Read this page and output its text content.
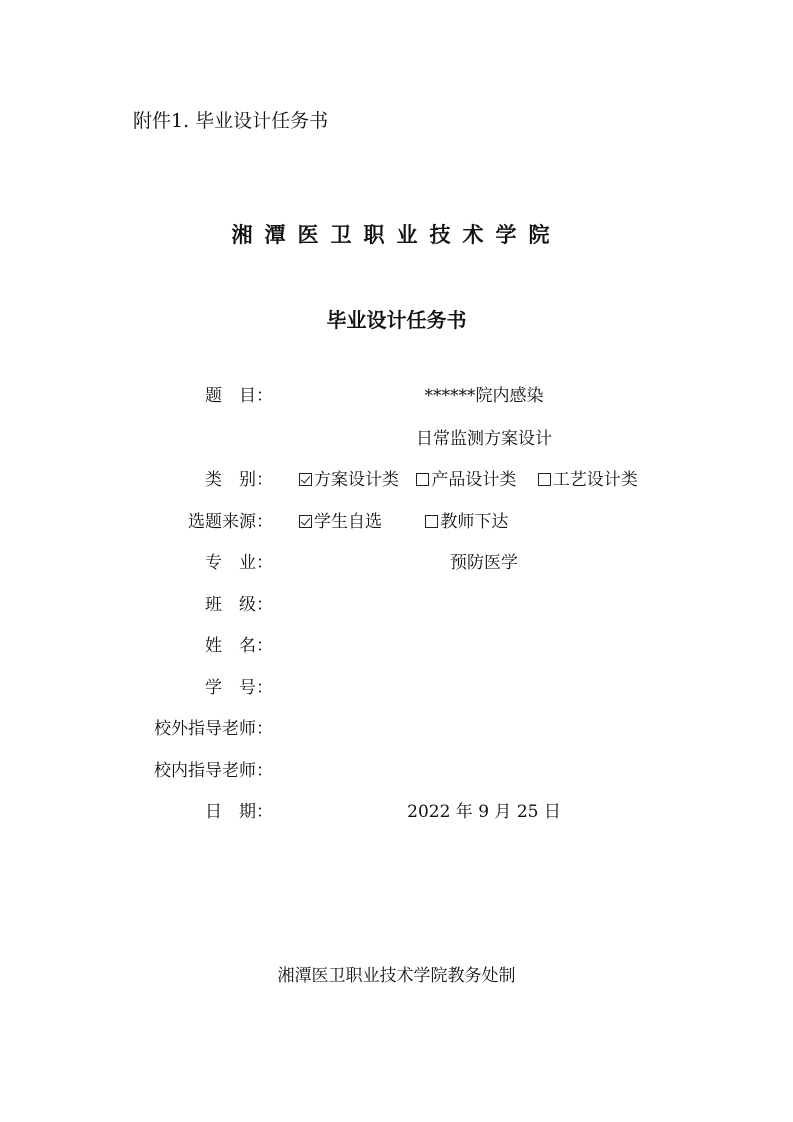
附件1. 毕业设计任务书
湘潭医卫职业技术学院
毕业设计任务书
题　目：	******院内感染
日常监测方案设计
类　别：	方案设计类 产品设计类 工艺设计类
选题来源：	学生自选	教师下达
专　业：	预防医学
班　级：
姓　名：
学　号：
校外指导老师：
校内指导老师：
日　期：	2022 年 9 月 25 日
湘潭医卫职业技术学院教务处制
